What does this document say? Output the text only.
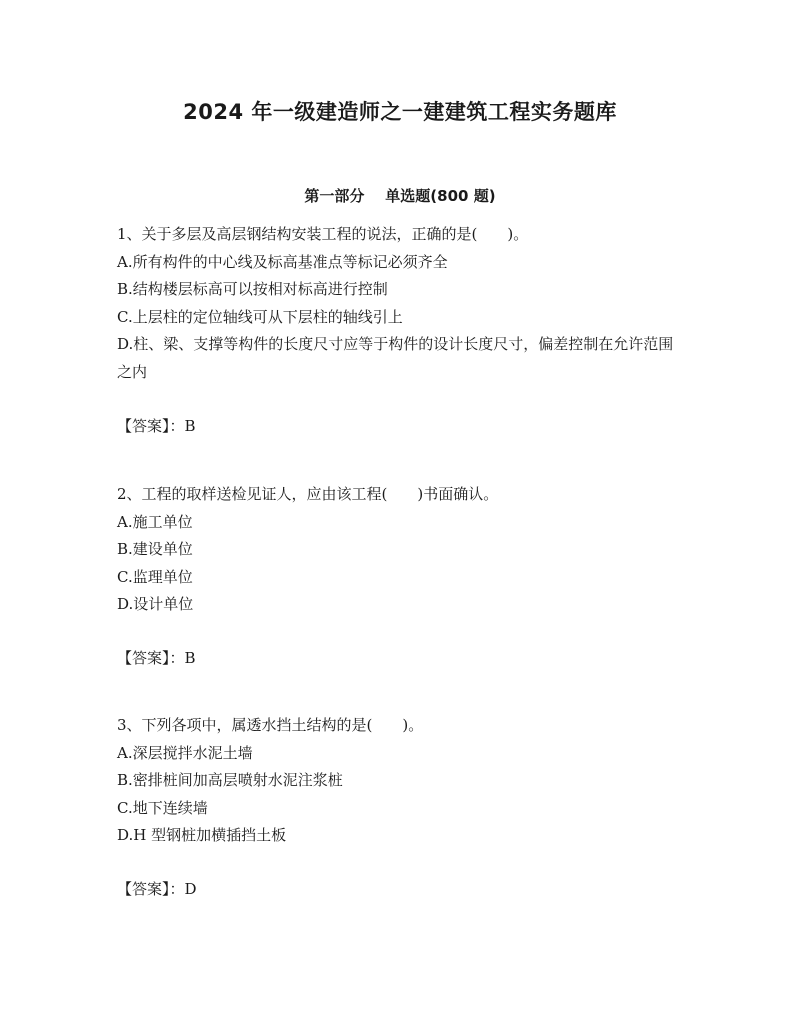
2024 年一级建造师之一建建筑工程实务题库
第一部分    单选题(800 题)
1、关于多层及高层钢结构安装工程的说法，正确的是(　　)。
A.所有构件的中心线及标高基准点等标记必须齐全
B.结构楼层标高可以按相对标高进行控制
C.上层柱的定位轴线可从下层柱的轴线引上
D.柱、梁、支撑等构件的长度尺寸应等于构件的设计长度尺寸，偏差控制在允许范围之内
【答案】：B
2、工程的取样送检见证人，应由该工程(　　)书面确认。
A.施工单位
B.建设单位
C.监理单位
D.设计单位
【答案】：B
3、下列各项中，属透水挡土结构的是(　　)。
A.深层搅拌水泥土墙
B.密排桩间加高层喷射水泥注浆桩
C.地下连续墙
D.H 型钢桩加横插挡土板
【答案】：D
